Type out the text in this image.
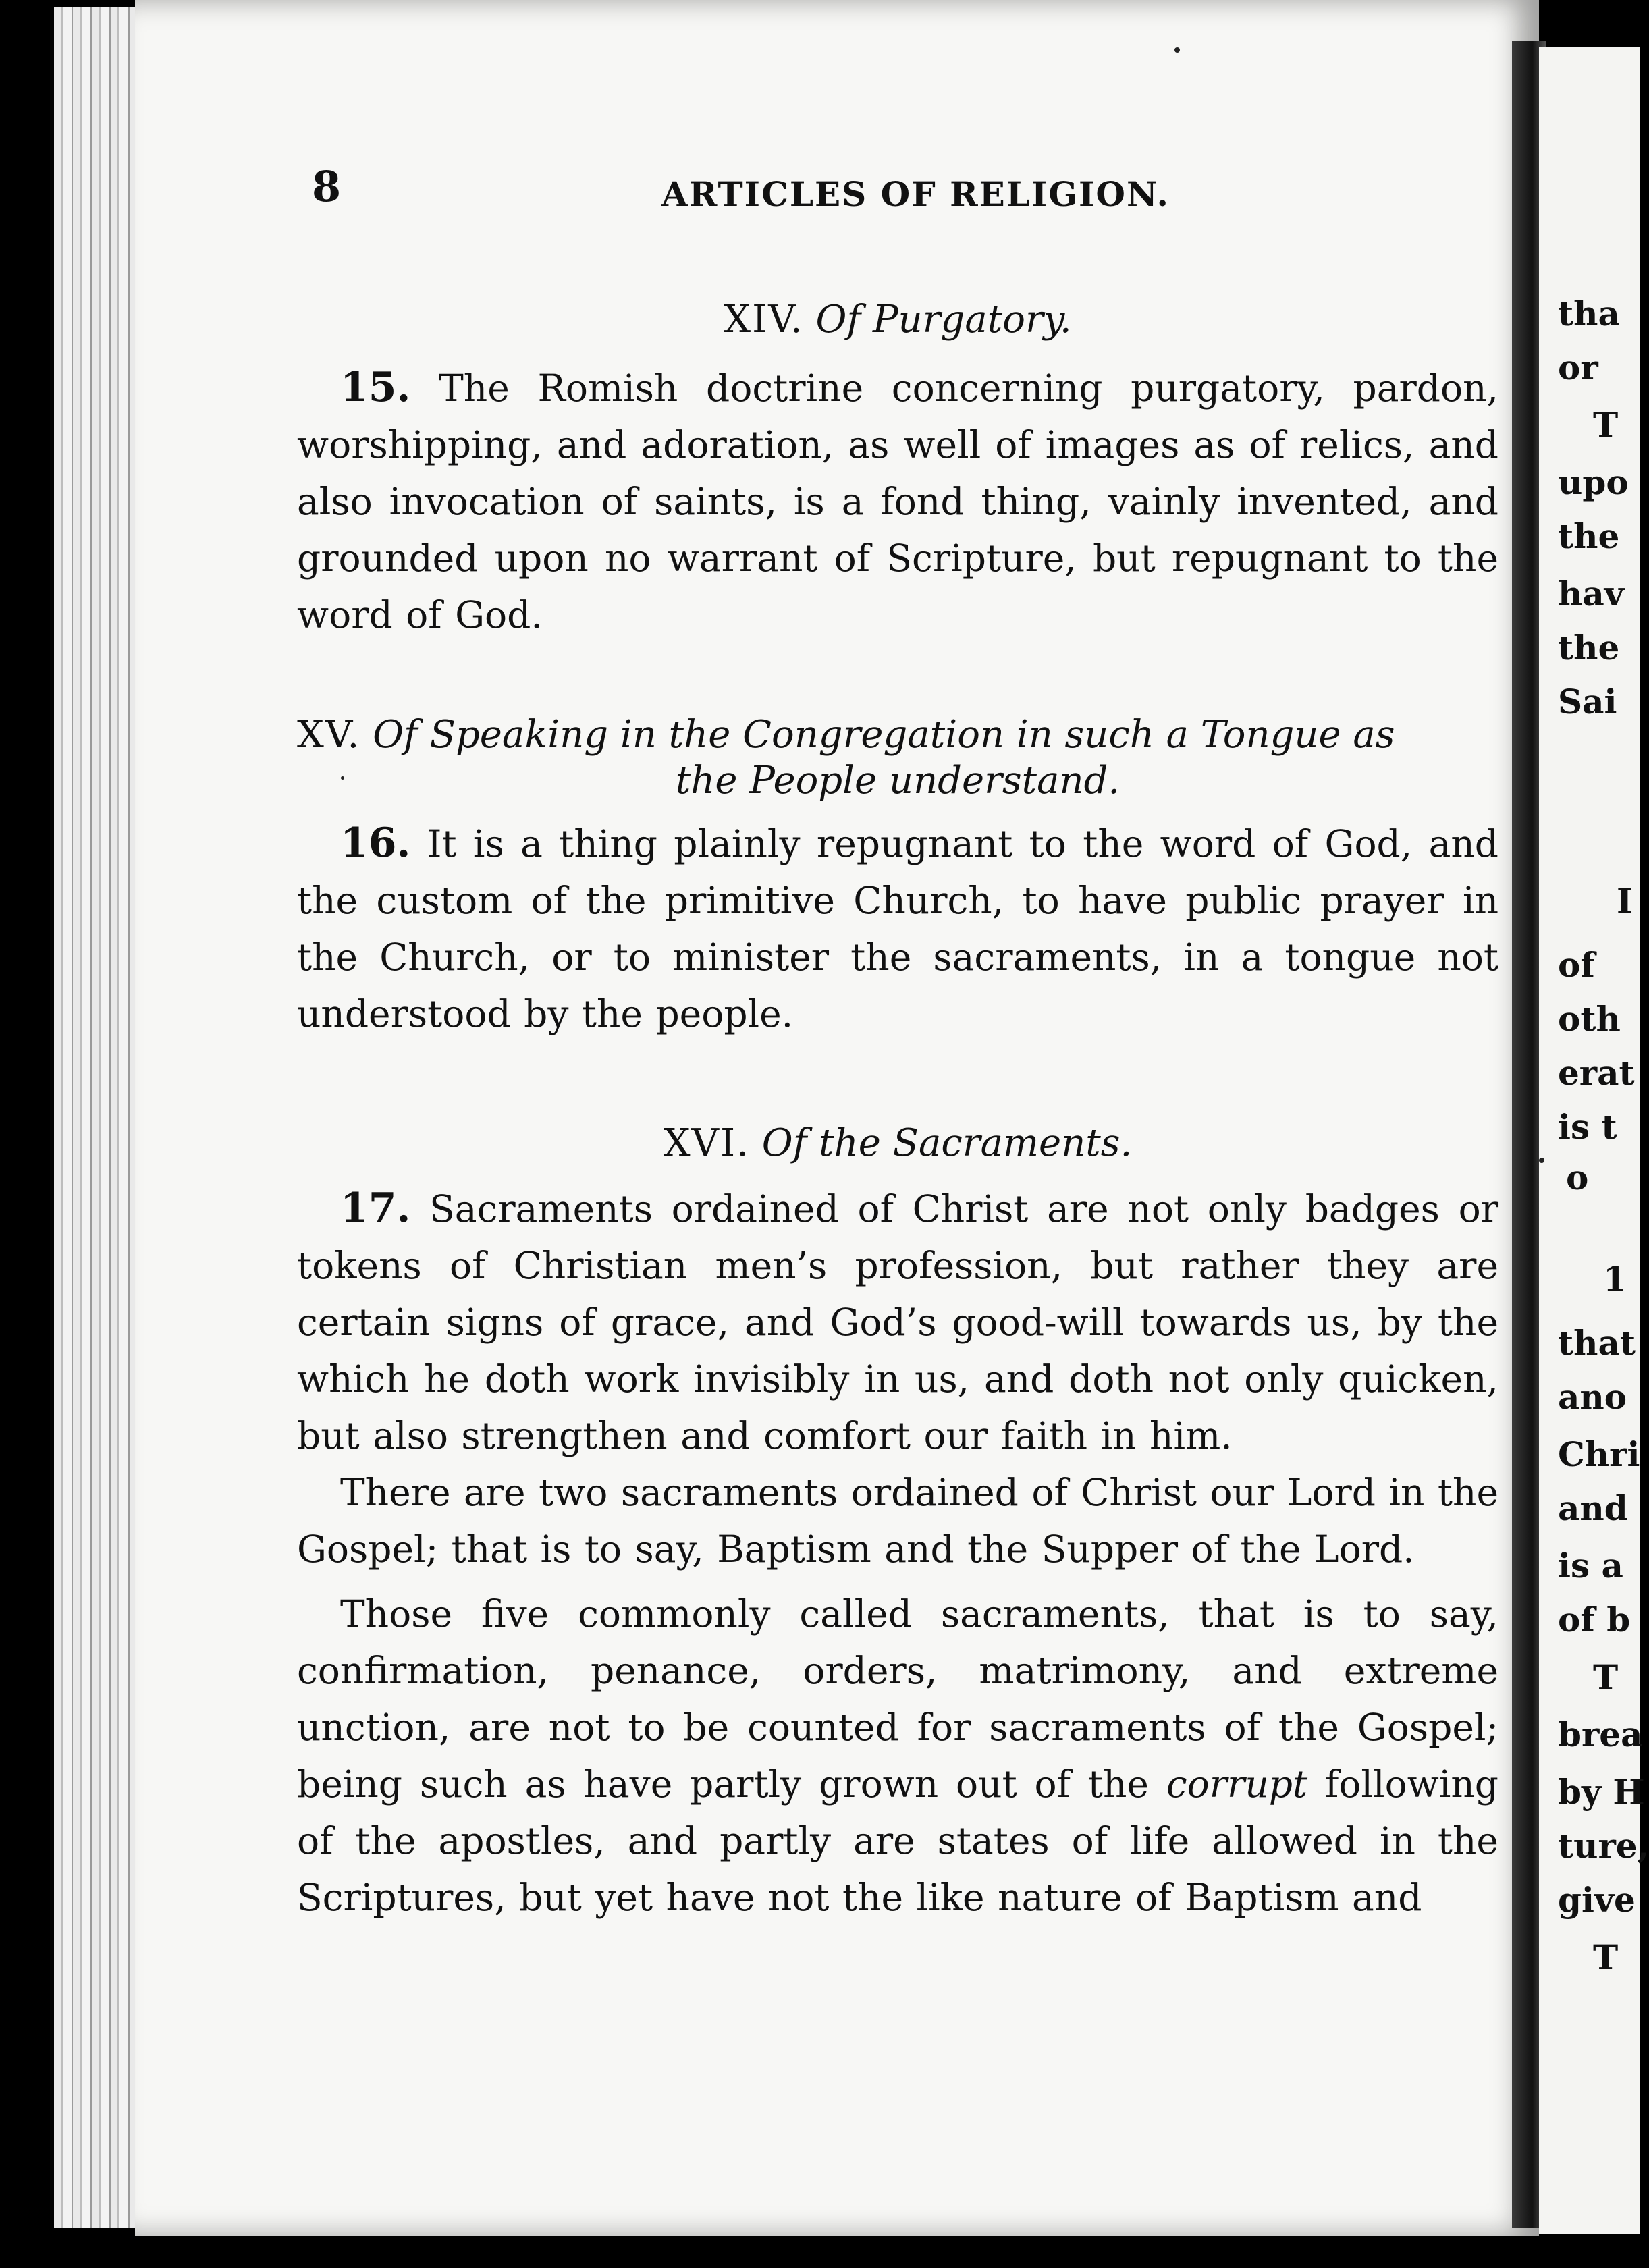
8	ARTICLES OF RELIGION.

XIV. Of Purgatory.

15. The Romish doctrine concerning purgatory, pardon, worshipping, and adoration, as well of images as of relics, and also invocation of saints, is a fond thing, vainly invented, and grounded upon no warrant of Scripture, but repugnant to the word of God.

XV. Of Speaking in the Congregation in such a Tongue as

the People understand.

16. It is a thing plainly repugnant to the word of God, and the custom of the primitive Church, to have public prayer in the Church, or to minister the sacraments, in a tongue not understood by the people.

XVI. Of the Sacraments.

17. Sacraments ordained of Christ are not only badges or tokens of Christian men’s profession, but rather they are certain signs of grace, and God’s good-will towards us, by the which he doth work invisibly in us, and doth not only quicken, but also strengthen and comfort our faith in him.

There are two sacraments ordained of Christ our Lord in the Gospel; that is to say, Baptism and the Supper of the Lord.

Those five commonly called sacraments, that is to say, confirmation, penance, orders, matrimony, and extreme unction, are not to be counted for sacraments of the Gospel; being such as have partly grown out of the corrupt following of the apostles, and partly are states of life allowed in the Scriptures, but yet have not the like nature of Baptism and

tha
or
T
upo
the
hav
the
Sai
I
of
oth
erat
is t
o
1
that
ano
Chri
and
is a
of b
T
brea
by H
ture,
give
T
